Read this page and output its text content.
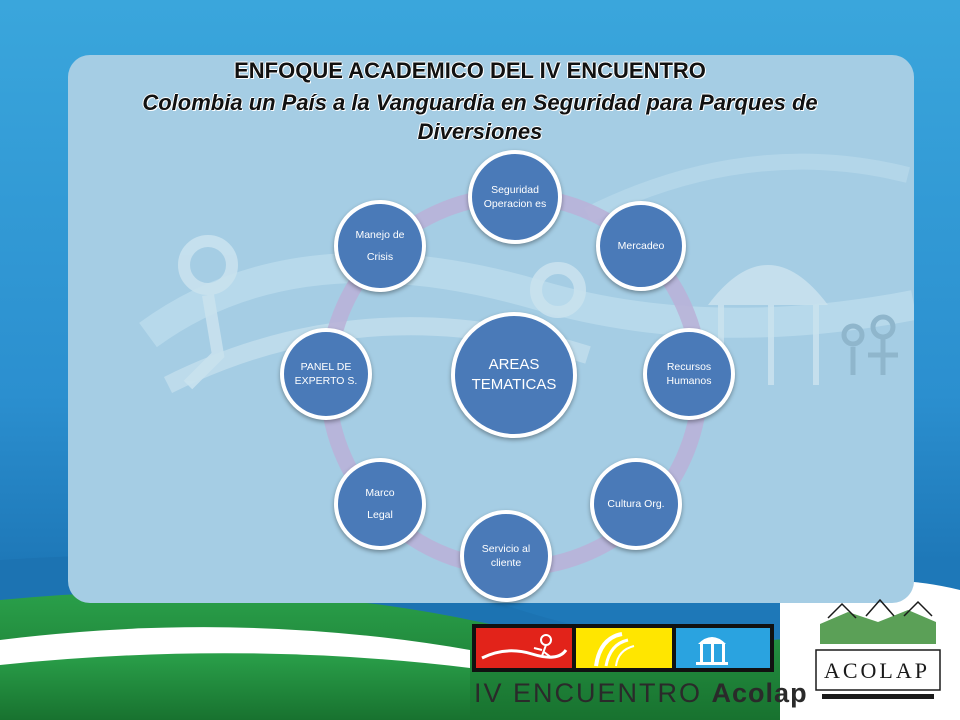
ENFOQUE ACADEMICO DEL IV ENCUENTRO
Colombia un País a la Vanguardia en Seguridad para Parques de Diversiones
AREAS TEMATICAS
Seguridad Operacion es
Mercadeo
Recursos Humanos
Cultura Org.
Servicio al cliente
Marco
Legal
PANEL DE EXPERTO S.
Manejo de
Crisis
IV ENCUENTRO Acolap
ACOLAP
